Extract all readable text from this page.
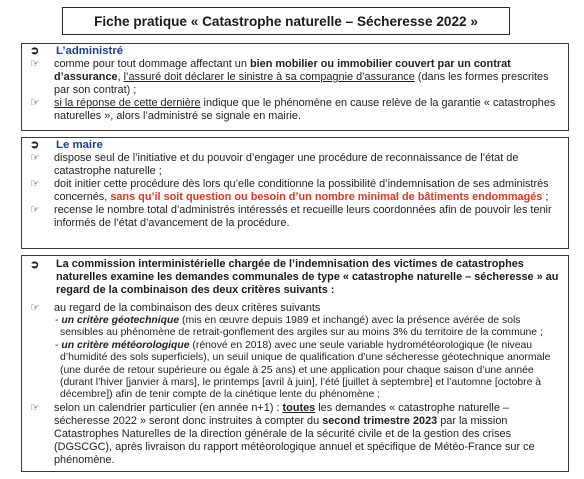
Fiche pratique « Catastrophe naturelle – Sécheresse 2022 »
➲	L’administré
☞	comme pour tout dommage affectant un bien mobilier ou immobilier couvert par un contrat d’assurance, l’assuré doit déclarer le sinistre à sa compagnie d’assurance (dans les formes prescrites par son contrat) ;
☞	si la réponse de cette dernière indique que le phénomène en cause relève de la garantie « catastrophes naturelles », alors l’administré se signale en mairie.
➲	Le maire
☞	dispose seul de l’initiative et du pouvoir d’engager une procédure de reconnaissance de l’état de catastrophe naturelle ;
☞	doit initier cette procédure dès lors qu’elle conditionne la possibilité d’indemnisation de ses administrés concernés, sans qu’il soit question ou besoin d’un nombre minimal de bâtiments endommagés ;
☞	recense le nombre total d’administrés intéressés et recueille leurs coordonnées afin de pouvoir les tenir informés de l’état d’avancement de la procédure.
➲	La commission interministérielle chargée de l’indemnisation des victimes de catastrophes naturelles examine les demandes communales de type « catastrophe naturelle – sécheresse » au regard de la combinaison des deux critères suivants :
☞	au regard de la combinaison des deux critères suivants
- un critère géotechnique (mis en œuvre depuis 1989 et inchangé) avec la présence avérée de sols sensibles au phénomène de retrait-gonflement des argiles sur au moins 3% du territoire de la commune ;
- un critère météorologique (rénové en 2018) avec une seule variable hydrométéorologique (le niveau d’humidité des sols superficiels), un seuil unique de qualification d’une sécheresse géotechnique anormale (une durée de retour supérieure ou égale à 25 ans) et une application pour chaque saison d’une année (durant l’hiver [janvier à mars], le printemps [avril à juin], l’été [juillet à septembre] et l’automne [octobre à décembre]) afin de tenir compte de la cinétique lente du phénomène ;
☞	selon un calendrier particulier (en année n+1) : toutes les demandes « catastrophe naturelle – sécheresse 2022 » seront donc instruites à compter du second trimestre 2023 par la mission Catastrophes Naturelles de la direction générale de la sécurité civile et de la gestion des crises (DGSCGC), après livraison du rapport météorologique annuel et spécifique de Météo-France sur ce phénomène.
